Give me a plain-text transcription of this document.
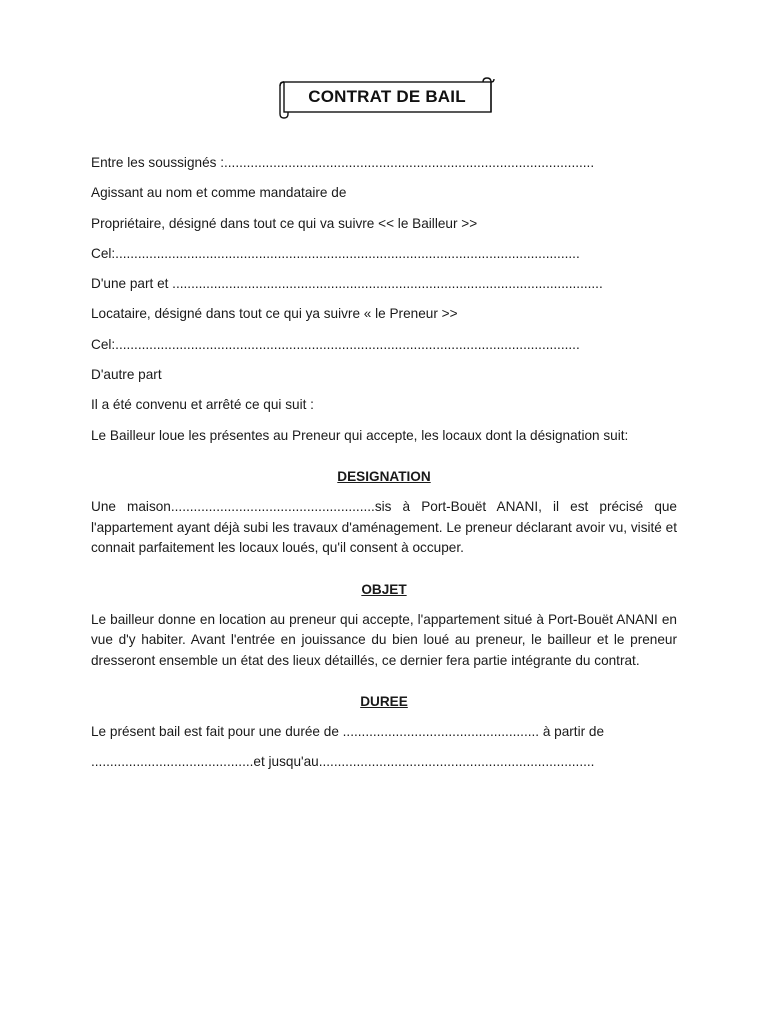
CONTRAT DE BAIL

Entre les soussignés :..................................................................................................

Agissant au nom et comme mandataire de

Propriétaire, désigné dans tout ce qui va suivre << le Bailleur >>

Cel:...........................................................................................................................

D'une part et ..................................................................................................................

Locataire, désigné dans tout ce qui ya suivre « le Preneur >>

Cel:...........................................................................................................................

D'autre part

Il a été convenu et arrêté ce qui suit :

Le Bailleur loue les présentes au Preneur qui accepte, les locaux dont la désignation suit:

DESIGNATION

Une maison......................................................sis à Port-Bouët ANANI, il est précisé que l'appartement ayant déjà subi les travaux d'aménagement. Le preneur déclarant avoir vu, visité et connait parfaitement les locaux loués, qu'il consent à occuper.

OBJET

Le bailleur donne en location au preneur qui accepte, l'appartement situé à Port-Bouët ANANI en vue d'y habiter. Avant l'entrée en jouissance du bien loué au preneur, le bailleur et le preneur dresseront ensemble un état des lieux détaillés, ce dernier fera partie intégrante du contrat.

DUREE

Le présent bail est fait pour une durée de .................................................... à partir de

...........................................et jusqu'au.........................................................................
